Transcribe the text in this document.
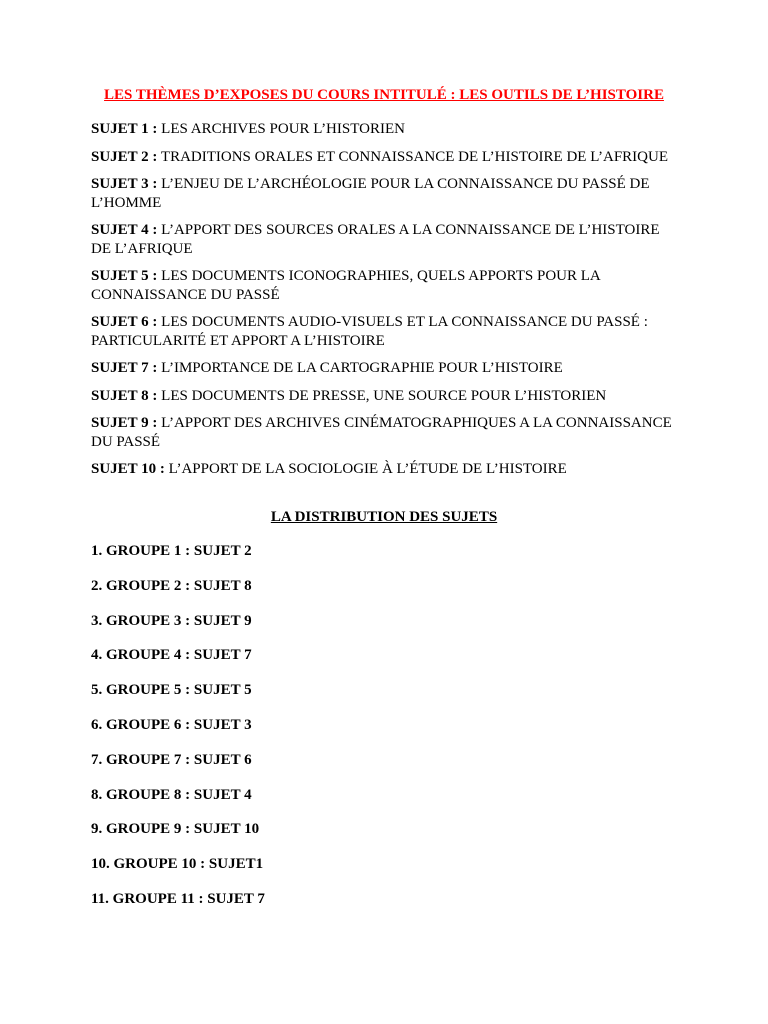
LES THÈMES D’EXPOSES DU COURS INTITULÉ : LES OUTILS DE L’HISTOIRE

SUJET 1 : LES ARCHIVES POUR L’HISTORIEN

SUJET 2 : TRADITIONS ORALES ET CONNAISSANCE DE L’HISTOIRE DE L’AFRIQUE

SUJET 3 : L’ENJEU DE L’ARCHÉOLOGIE POUR LA CONNAISSANCE DU PASSÉ DE L’HOMME

SUJET 4 : L’APPORT DES SOURCES ORALES A LA CONNAISSANCE DE L’HISTOIRE DE L’AFRIQUE

SUJET 5 : LES DOCUMENTS ICONOGRAPHIES, QUELS APPORTS POUR LA CONNAISSANCE DU PASSÉ

SUJET 6 : LES DOCUMENTS AUDIO-VISUELS ET LA CONNAISSANCE DU PASSÉ : PARTICULARITÉ ET APPORT A L’HISTOIRE

SUJET 7 : L’IMPORTANCE DE LA CARTOGRAPHIE POUR L’HISTOIRE

SUJET 8 : LES DOCUMENTS DE PRESSE, UNE SOURCE POUR L’HISTORIEN

SUJET 9 : L’APPORT DES ARCHIVES CINÉMATOGRAPHIQUES A LA CONNAISSANCE DU PASSÉ

SUJET 10 : L’APPORT DE LA SOCIOLOGIE À L’ÉTUDE DE L’HISTOIRE

LA DISTRIBUTION DES SUJETS
1. GROUPE 1 : SUJET 2
2. GROUPE 2 : SUJET 8
3. GROUPE 3 : SUJET 9
4. GROUPE 4 : SUJET 7
5. GROUPE 5 : SUJET 5
6. GROUPE 6 : SUJET 3
7. GROUPE 7 : SUJET 6
8. GROUPE 8 : SUJET 4
9. GROUPE 9 : SUJET 10
10. GROUPE 10 : SUJET1
11. GROUPE 11 : SUJET 7
